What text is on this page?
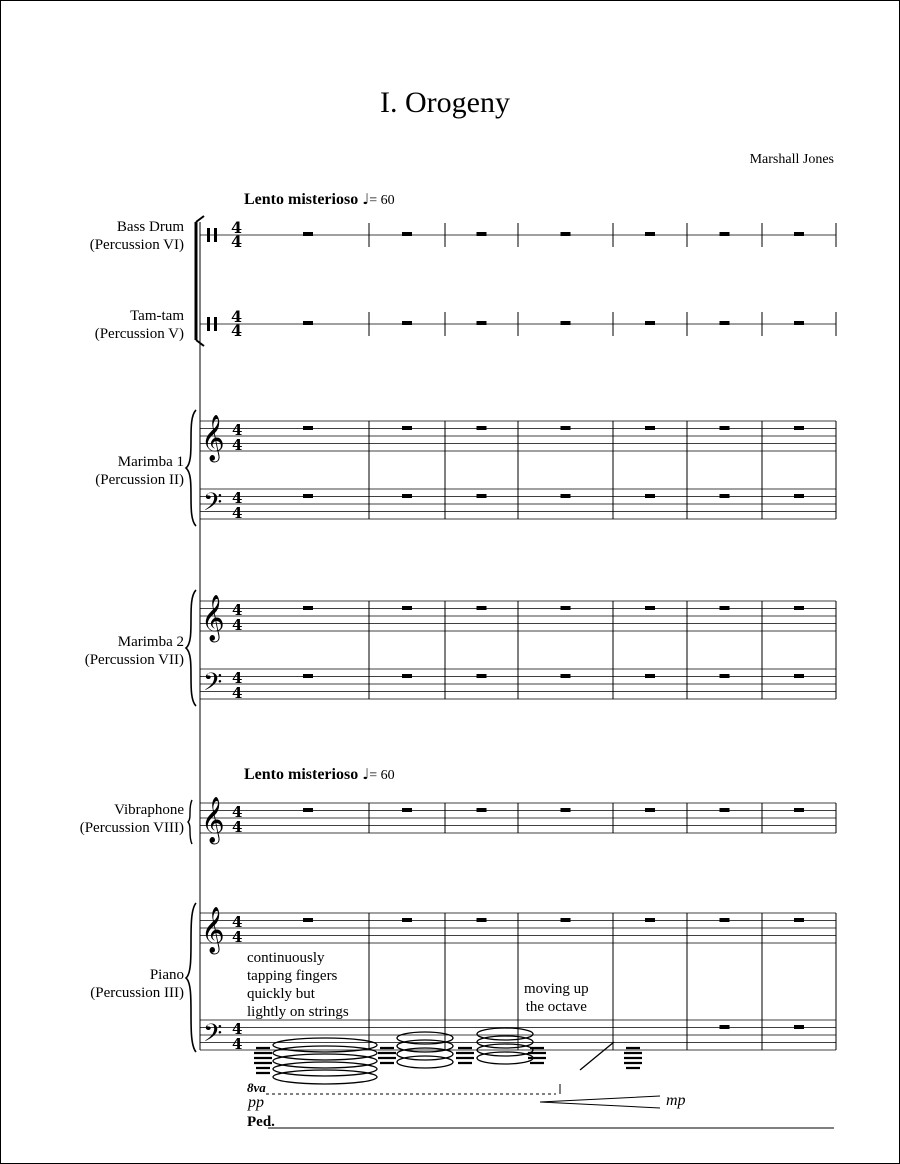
I. Orogeny
Marshall Jones
Lento misterioso ♩= 60
Lento misterioso ♩= 60
Bass Drum
(Percussion VI)
Tam-tam
(Percussion V)
Marimba 1
(Percussion II)
Marimba 2
(Percussion VII)
Vibraphone
(Percussion VIII)
Piano
(Percussion III)
continuously
tapping fingers
quickly but
lightly on strings
moving up
the octave
pp	mp
8va
Ped.
4
4
4
4
𝄞 4
4
𝄢 4
4
𝄞 4
4
𝄢 4
4
𝄞 4
4
𝄞 4
4
𝄢 4
4
